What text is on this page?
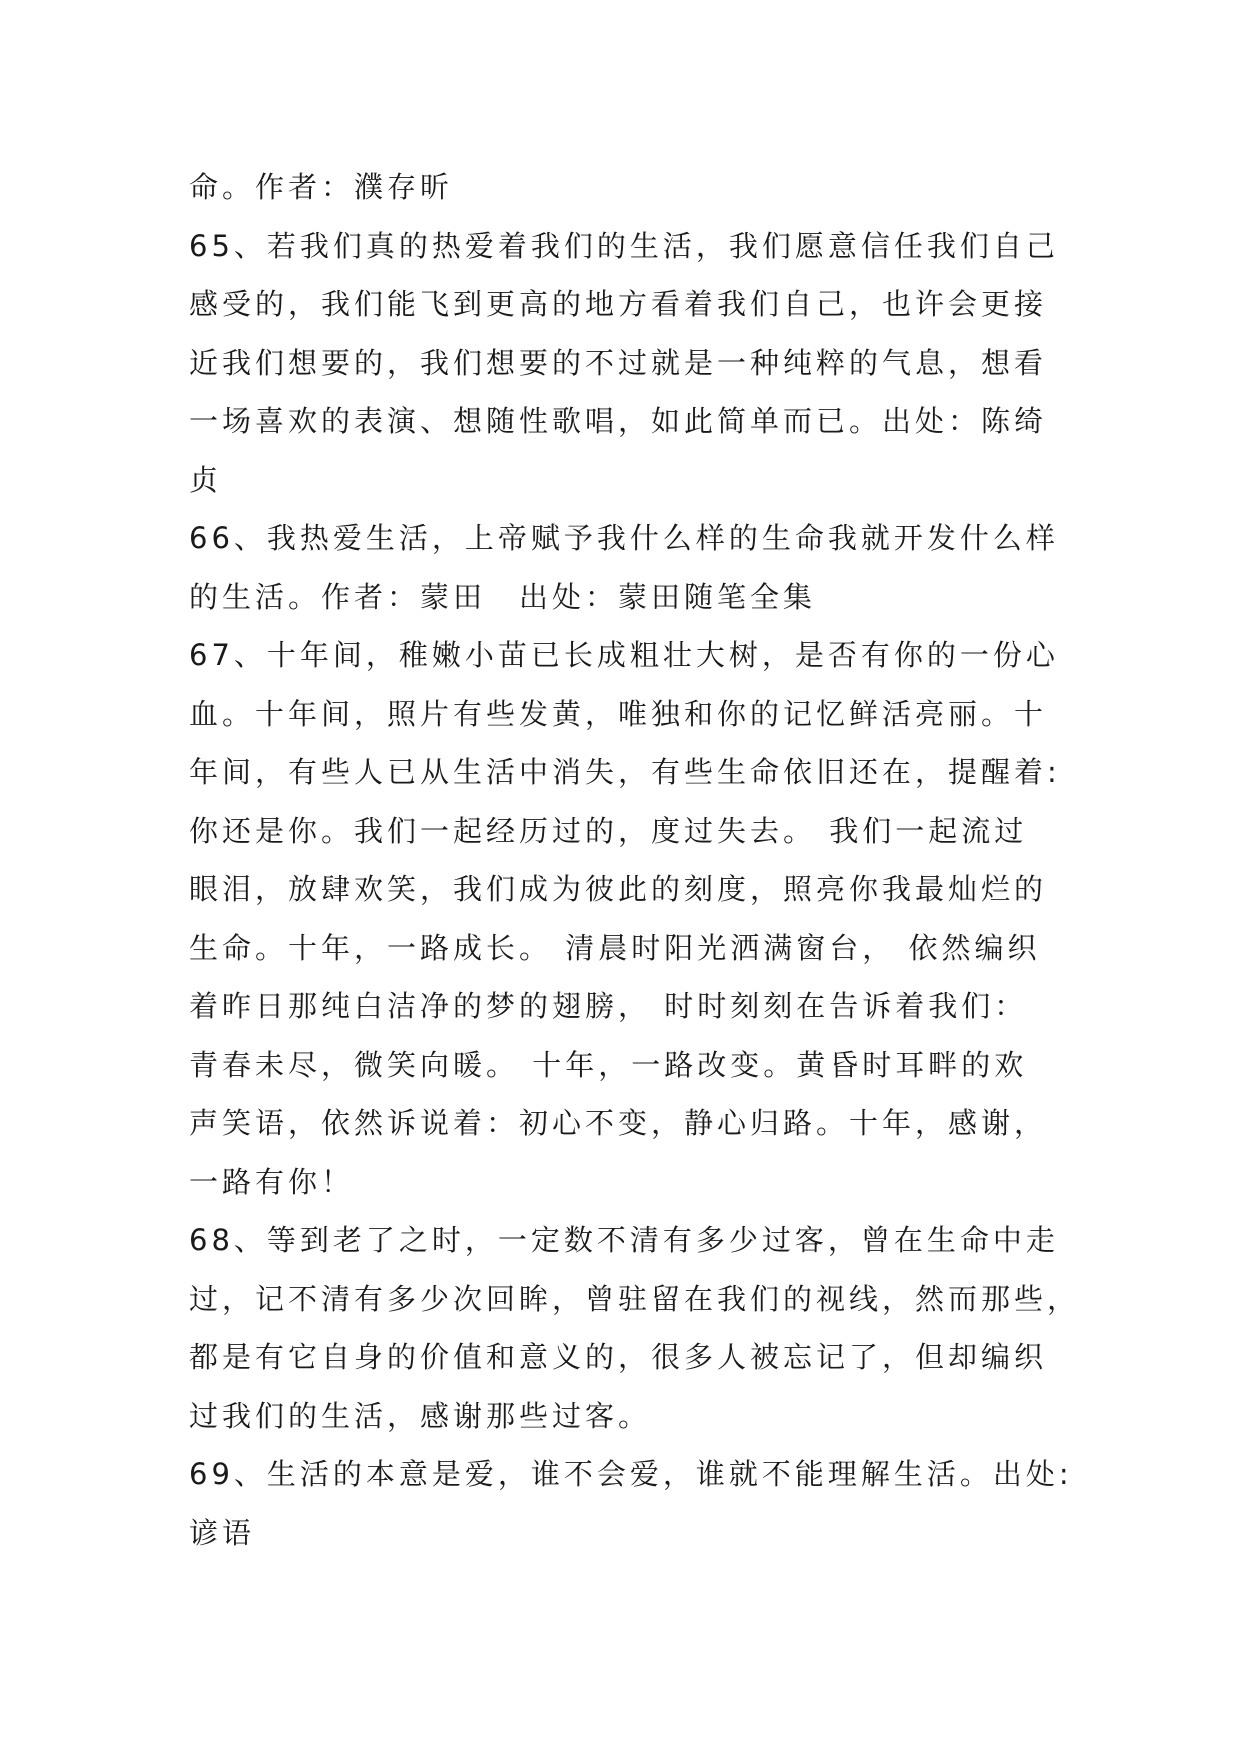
命。作者：濮存昕
65、若我们真的热爱着我们的生活，我们愿意信任我们自己
感受的，我们能飞到更高的地方看着我们自己，也许会更接
近我们想要的，我们想要的不过就是一种纯粹的气息，想看
一场喜欢的表演、想随性歌唱，如此简单而已。出处：陈绮
贞
66、我热爱生活，上帝赋予我什么样的生命我就开发什么样
的生活。作者：蒙田　出处：蒙田随笔全集
67、十年间，稚嫩小苗已长成粗壮大树，是否有你的一份心
血。十年间，照片有些发黄，唯独和你的记忆鲜活亮丽。十
年间，有些人已从生活中消失，有些生命依旧还在，提醒着:
你还是你。我们一起经历过的，度过失去。 我们一起流过
眼泪，放肆欢笑，我们成为彼此的刻度，照亮你我最灿烂的
生命。十年，一路成长。 清晨时阳光洒满窗台， 依然编织
着昨日那纯白洁净的梦的翅膀， 时时刻刻在告诉着我们：
青春未尽，微笑向暖。 十年，一路改变。黄昏时耳畔的欢
声笑语，依然诉说着：初心不变，静心归路。十年，感谢，
一路有你！
68、等到老了之时，一定数不清有多少过客，曾在生命中走
过，记不清有多少次回眸，曾驻留在我们的视线，然而那些，
都是有它自身的价值和意义的，很多人被忘记了，但却编织
过我们的生活，感谢那些过客。
69、生活的本意是爱，谁不会爱，谁就不能理解生活。出处:
谚语
